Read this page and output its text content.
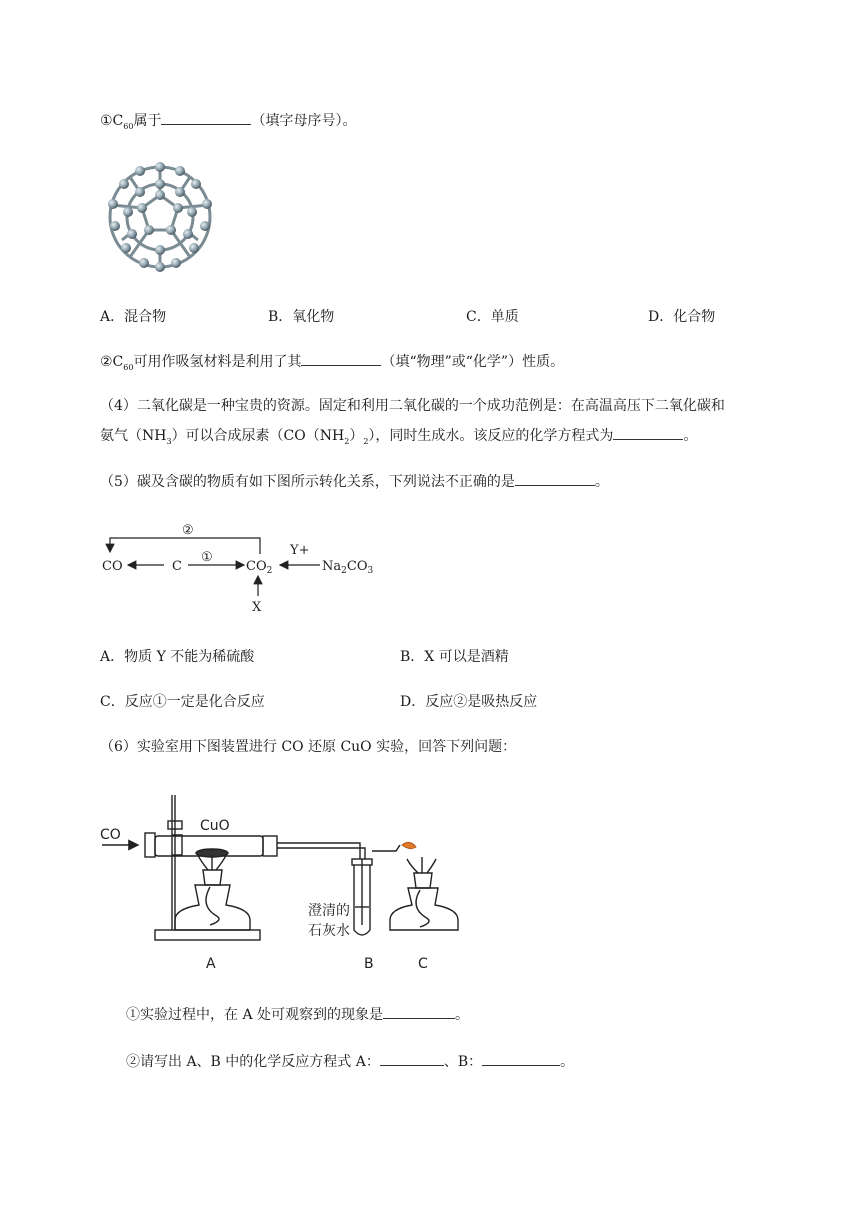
$①C_{60}$属于	（填字母序号）。
A．混合物	B．氧化物	C．单质	D．化合物
$②C_{60}$可用作吸氢材料是利用了其	（填“物理”或“化学”）性质。
（4）二氧化碳是一种宝贵的资源。固定和利用二氧化碳的一个成功范例是：在高温高压下二氧化碳和
氨气$(NH_3)$可以合成尿素$(CO(NH_2)_2)$，同时生成水。该反应的化学方程式为	。
（5）碳及含碳的物质有如下图所示转化关系，下列说法不正确的是	。
②
①
CO	C	$CO_2$
Y+
$Na_2CO_3$
X
A．物质 Y 不能为稀硫酸	B．X 可以是酒精
C．反应①一定是化合反应	D．反应②是吸热反应
（6）实验室用下图装置进行 CO 还原 CuO 实验，回答下列问题：
CO
CuO
澄清的
石灰水
A	B	C
①实验过程中，在 A 处可观察到的现象是	。
②请写出 A、B 中的化学反应方程式 A：	、B：	。
